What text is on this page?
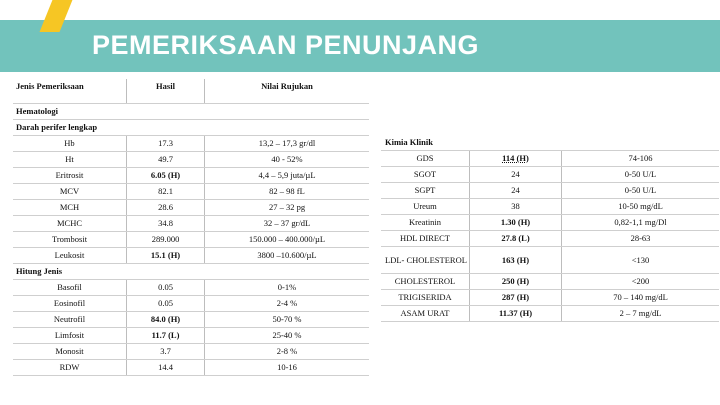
PEMERIKSAAN PENUNJANG
Jenis Pemeriksaan	Hasil	Nilai Rujukan
Hematologi		
Darah perifer lengkap		
Hb	17.3	13,2 – 17,3 gr/dl
Ht	49.7	40 - 52%
Eritrosit	6.05 (H)	4,4 – 5,9 juta/µL
MCV	82.1	82 – 98 fL
MCH	28.6	27 – 32 pg
MCHC	34.8	32 – 37 gr/dL
Trombosit	289.000	150.000 – 400.000/µL
Leukosit	15.1 (H)	3800 –10.600/µL
Hitung Jenis		
Basofil	0.05	0-1%
Eosinofil	0.05	2-4 %
Neutrofil	84.0 (H)	50-70 %
Limfosit	11.7 (L)	25-40 %
Monosit	3.7	2-8 %
RDW	14.4	10-16
Kimia Klinik		
GDS	114 (H)	74-106
SGOT	24	0-50 U/L
SGPT	24	0-50 U/L
Ureum	38	10-50 mg/dL
Kreatinin	1.30 (H)	0,82-1,1 mg/Dl
HDL DIRECT	27.8 (L)	28-63
LDL- CHOLESTEROL	163 (H)	<130
CHOLESTEROL	250 (H)	<200
TRIGISERIDA	287 (H)	70 – 140 mg/dL
ASAM URAT	11.37 (H)	2 – 7 mg/dL
